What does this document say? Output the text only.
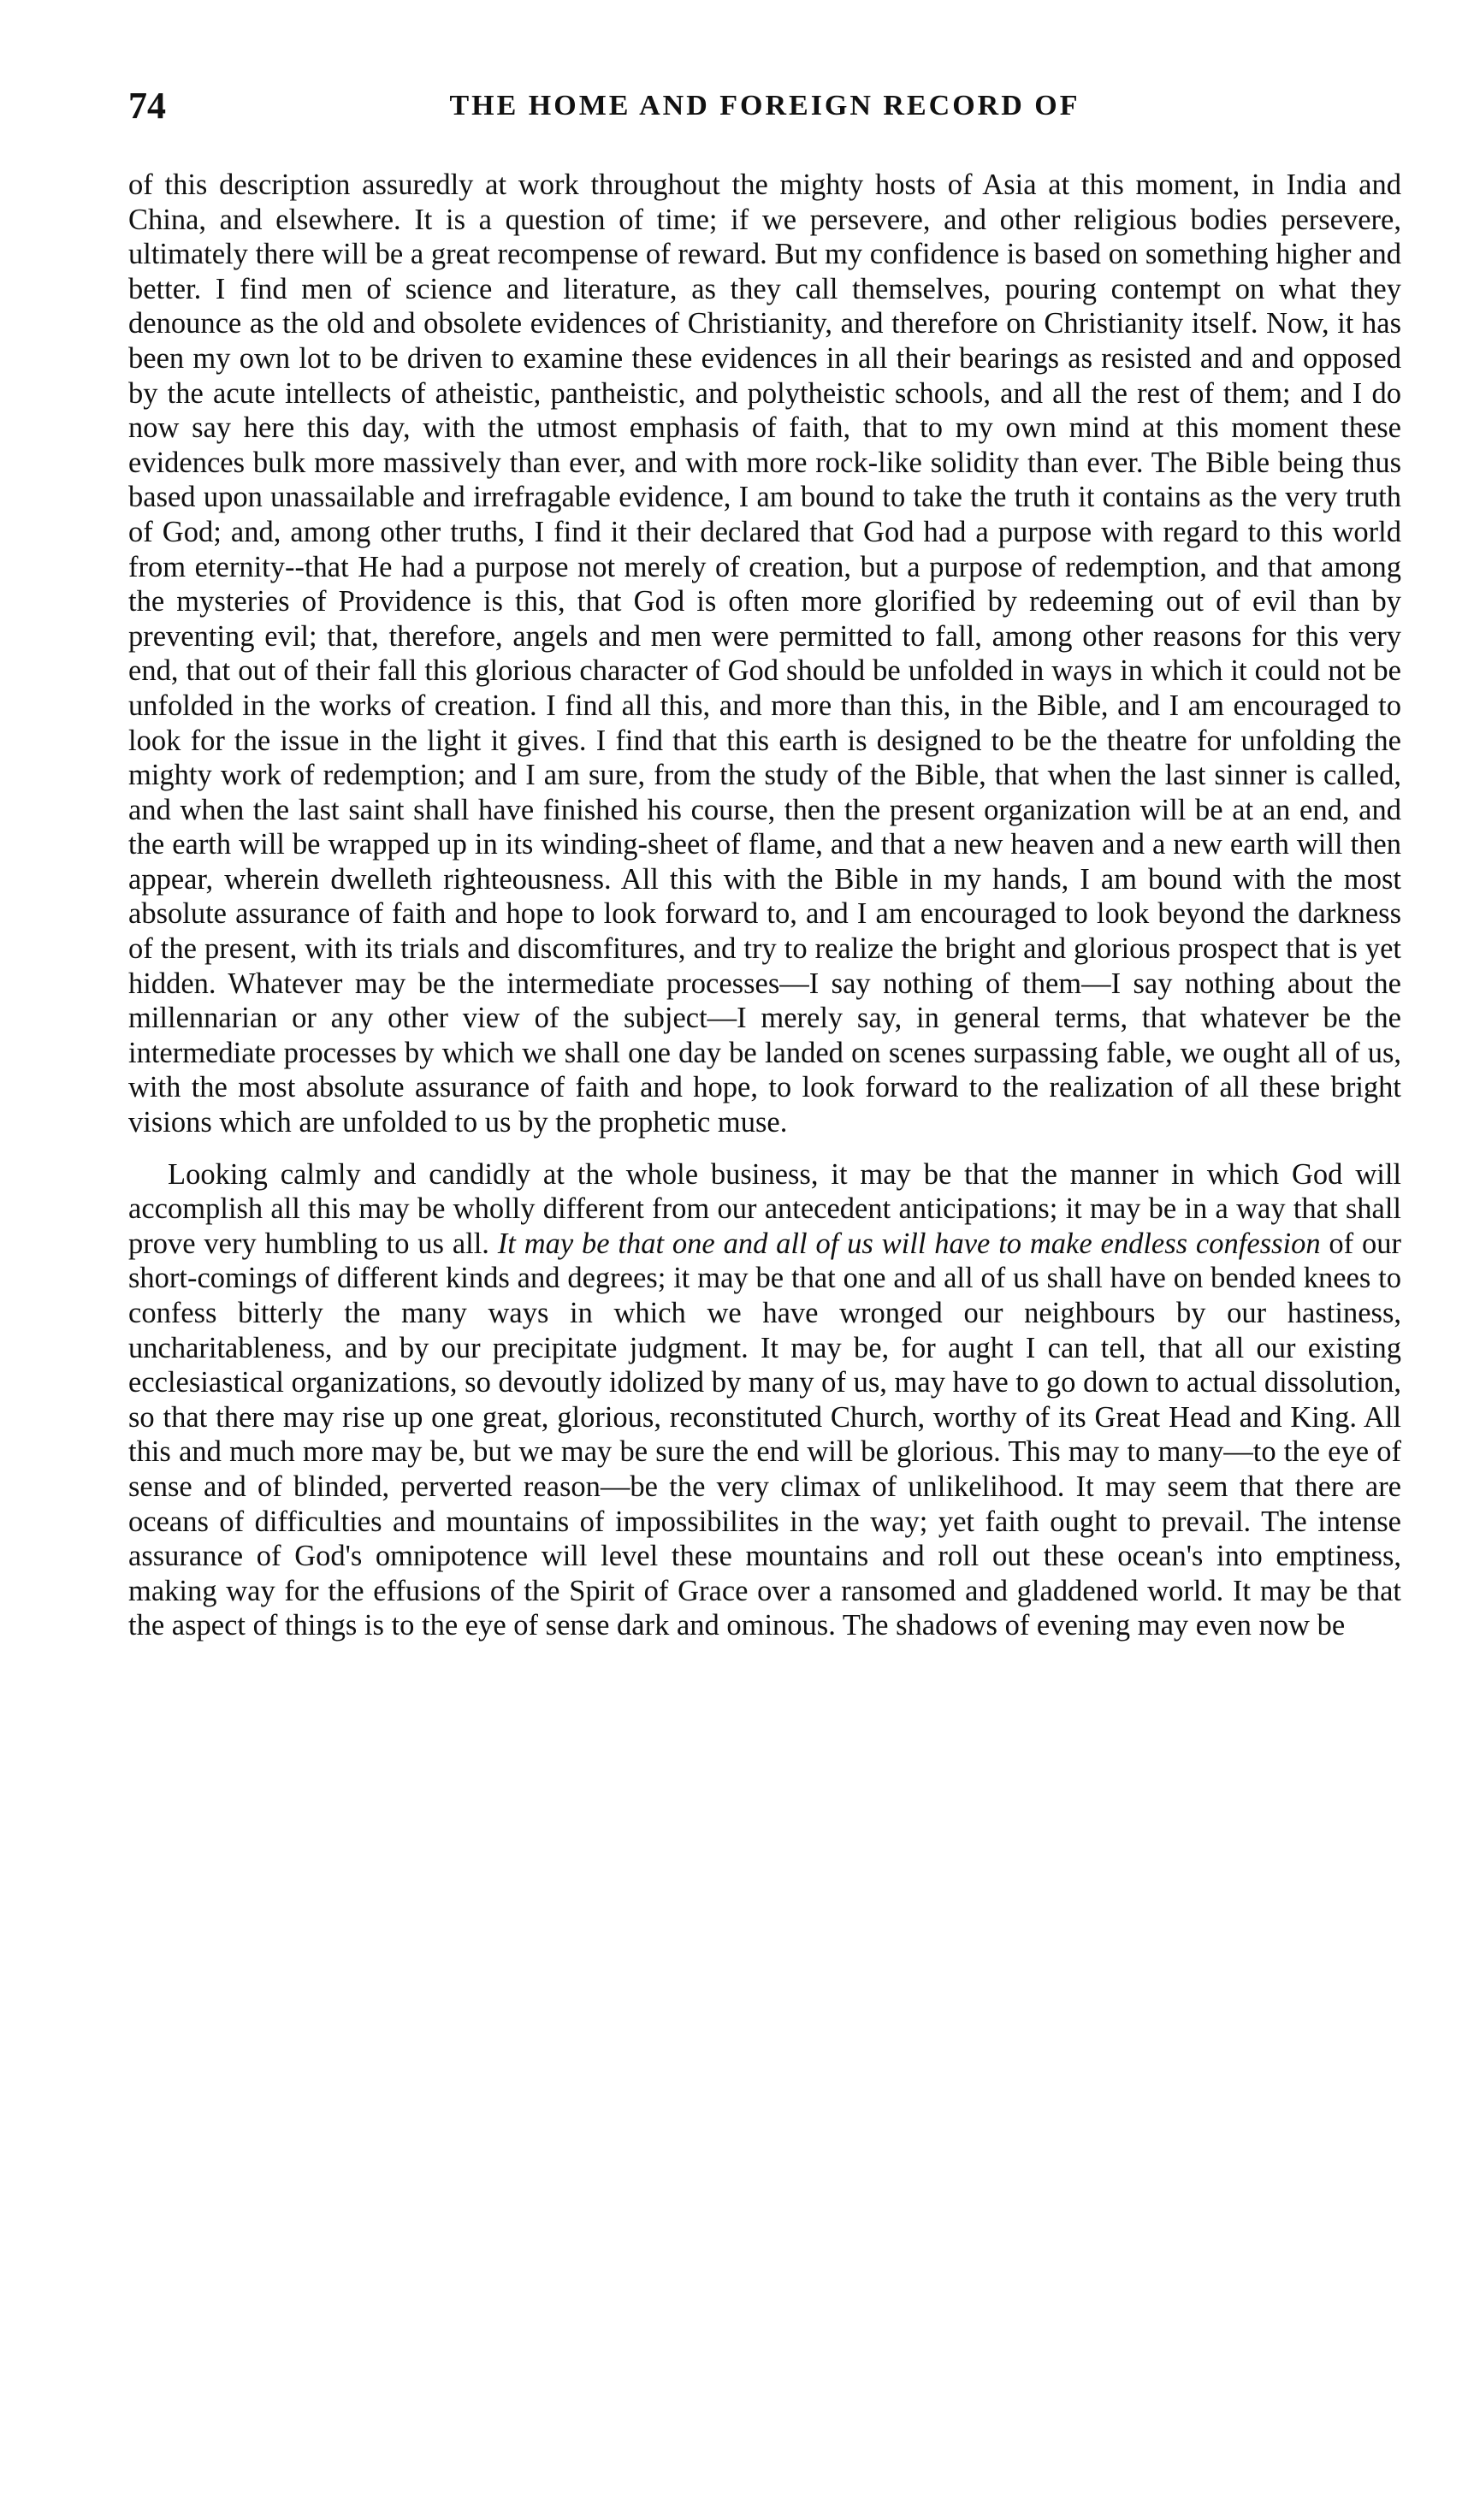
74	THE HOME AND FOREIGN RECORD OF

of this description assuredly at work throughout the mighty hosts of Asia at this moment, in India and China, and elsewhere. It is a question of time; if we persevere, and other religious bodies persevere, ultimately there will be a great recompense of reward. But my confidence is based on something higher and better. I find men of science and literature, as they call themselves, pouring contempt on what they denounce as the old and obsolete evidences of Christianity, and therefore on Christianity itself. Now, it has been my own lot to be driven to examine these evidences in all their bearings as resisted and and opposed by the acute intellects of atheistic, pantheistic, and polytheistic schools, and all the rest of them; and I do now say here this day, with the utmost emphasis of faith, that to my own mind at this moment these evidences bulk more massively than ever, and with more rock-like solidity than ever. The Bible being thus based upon unassailable and irrefragable evidence, I am bound to take the truth it contains as the very truth of God; and, among other truths, I find it their declared that God had a purpose with regard to this world from eternity--that He had a purpose not merely of creation, but a purpose of redemption, and that among the mysteries of Providence is this, that God is often more glorified by redeeming out of evil than by preventing evil; that, therefore, angels and men were permitted to fall, among other reasons for this very end, that out of their fall this glorious character of God should be unfolded in ways in which it could not be unfolded in the works of creation. I find all this, and more than this, in the Bible, and I am encouraged to look for the issue in the light it gives. I find that this earth is designed to be the theatre for unfolding the mighty work of redemption; and I am sure, from the study of the Bible, that when the last sinner is called, and when the last saint shall have finished his course, then the present organization will be at an end, and the earth will be wrapped up in its winding-sheet of flame, and that a new heaven and a new earth will then appear, wherein dwelleth righteousness. All this with the Bible in my hands, I am bound with the most absolute assurance of faith and hope to look forward to, and I am encouraged to look beyond the darkness of the present, with its trials and discomfitures, and try to realize the bright and glorious prospect that is yet hidden. Whatever may be the intermediate processes—I say nothing of them—I say nothing about the millennarian or any other view of the subject—I merely say, in general terms, that whatever be the intermediate processes by which we shall one day be landed on scenes surpassing fable, we ought all of us, with the most absolute assurance of faith and hope, to look forward to the realization of all these bright visions which are unfolded to us by the prophetic muse.

Looking calmly and candidly at the whole business, it may be that the manner in which God will accomplish all this may be wholly different from our antecedent anticipations; it may be in a way that shall prove very humbling to us all. It may be that one and all of us will have to make endless confession of our short-comings of different kinds and degrees; it may be that one and all of us shall have on bended knees to confess bitterly the many ways in which we have wronged our neighbours by our hastiness, uncharitableness, and by our precipitate judgment. It may be, for aught I can tell, that all our existing ecclesiastical organizations, so devoutly idolized by many of us, may have to go down to actual dissolution, so that there may rise up one great, glorious, reconstituted Church, worthy of its Great Head and King. All this and much more may be, but we may be sure the end will be glorious. This may to many—to the eye of sense and of blinded, perverted reason—be the very climax of unlikelihood. It may seem that there are oceans of difficulties and mountains of impossibilites in the way; yet faith ought to prevail. The intense assurance of God's omnipotence will level these mountains and roll out these ocean's into emptiness, making way for the effusions of the Spirit of Grace over a ransomed and gladdened world. It may be that the aspect of things is to the eye of sense dark and ominous. The shadows of evening may even now be
